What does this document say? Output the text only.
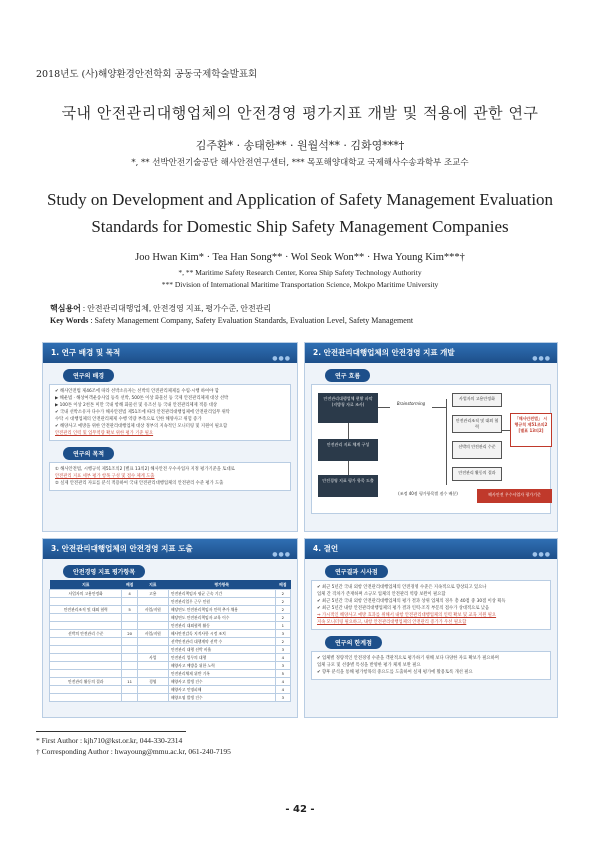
2018년도 (사)해양환경안전학회 공동국제학술발표회
국내 안전관리대행업체의 안전경영 평가지표 개발 및 적용에 관한 연구
김주환* · 송태한** · 원월석** · 김화영***†
*, ** 선박안전기술공단 해사안전연구센터, *** 목포해양대학교 국제해사수송과학부 조교수
Study on Development and Application of Safety Management Evaluation
Standards for Domestic Ship Safety Management Companies
Joo Hwan Kim* · Tea Han Song** · Wol Seok Won** · Hwa Young Kim***†
*, ** Maritime Safety Research Center, Korea Ship Safety Technology Authority
*** Division of International Maritime Transportation Science, Mokpo Maritime University
핵심용어 : 안전관리대행업체, 안전경영 지표, 평가수준, 안전관리
Key Words : Safety Management Company, Safety Evaluation Standards, Evaluation Level, Safety Management
1. 연구 배경 및 목적
●●●
연구의 배경
✔ 해사안전법 제46조에 따라 선박소유자는 선박의 안전관리체제를 수립·시행 하여야 함
▶ 해운법 · 해상여객운송사업 등록 선박, 500톤 이상 화물선 등 국제 안전관리체제 대상 선박
▶ 100톤 이상 2천톤 미만 국내 항해 화물선 및 유조선 등 국내 안전관리체제 적용 대상
✔ 국내 선박소유자 다수가 해사안전법 제51조에 따라 안전관리대행업체에 안전관리업무 위탁
수탁 시 대행업체의 안전관리체제 수행 역량 부족으로 인한 해양사고 위험 증가
✔ 해양사고 예방을 위한 안전관리대행업체 대상 정부의 지속적인 모니터링 및 지원이 필요함
안전관리 인력 및 업무역량 확보 위한 평가 기준 필요
연구의 목적
① 해사안전법, 시행규칙 제51조의2 [별표 13의2] 해사안전 우수사업자 지정 평가기준을 토대로
안전관리 지표 세부 평가 항목 구성 및 점수 체계 도출
② 실제 안전관리 자료를 분석 적용하여 국내 안전관리대행업체의 안전관리 수준 평가 도출
2. 안전관리대행업체의 안전경영 지표 개발
●●●
연구 흐름
안전관리대행업체 현황 파악
(지방청 자료 조사)
안전관리 지표 체계 구성
안전경영 지표 평가 항목 도출
Brainstorming
사업자의 고용안정화
안전관리조직 및 대외 협력
선박의 안전관리 수준
안전관리 활동의 결과
「해사안전법」 시행규칙 제51조의2 [별표 13의2]
해사안전 우수사업자 평가기준
(조정 40점 평가항목별 점수 배분)
3. 안전관리대행업체의 안전경영 지표 도출
●●●
안전경영 지표 평가항목
지표	배점	지표	평가항목	배점
사업자의 고용안정화	4	고용	안전관리책임자 평균 근속 기간	2
			안전관리업무 근무 인원	2
안전관리조직 및 대외 협력	5	사업/지원	해당연도 안전관리책임자 인력 추가 채용	2
			해당연도 안전관리책임자 교육 이수	2
			안전관리 대외협력 활동	1
선박의 안전관리 수준	20	사업/지원	해사안전감독 지적사항 시정 조치	3
			선박안전관리 대행계약 선박 수	2
			안전관리 대행 선박 비율	3
		사업	안전관리 업무의 대행	4
			해양사고 예방을 위한 노력	3
			안전관리체제 위반 기록	5
안전관리 활동의 결과	11	경영	해양사고 발생 건수	4
			해양사고 인명피해	4
			해양오염 발생 건수	3
4. 결언
●●●
연구결과 시사점
✔ 최근 5년간 국내 외항 안전관리대행업체의 안전경영 수준은 지속적으로 향상되고 있으나
업체 간 격차가 존재하며 소규모 업체의 안전관리 역량 보완이 필요함
✔ 최근 5년간 국내 외항 안전관리대행업체의 평가 결과 상위 업체의 경우 총 40점 중 30점 이상 획득
✔ 최근 5년간 내항 안전관리대행업체의 평가 결과 인력·조직 부문의 점수가 상대적으로 낮음
⇒ 가시적인 해양사고 예방 효과를 위해서 내항 안전관리대행업체의 인력 확보 및 교육 지원 필요
지속 모니터링 필요하고, 내항 안전관리대행업체의 안전관리 증가가 우선 필요함
연구의 한계점
✔ 업체별 정량적인 안전경영 수준을 객관적으로 평가하기 위해 보다 다양한 자료 확보가 필요하며
업체 규모 및 선종별 특성을 반영한 평가 체계 보완 필요
✔ 향후 분석을 통해 평가항목의 중요도를 도출하여 실제 평가에 활용토록 개선 필요
* First Author : kjh710@kst.or.kr, 044-330-2314
† Corresponding Author : hwayoung@mmu.ac.kr, 061-240-7195
- 42 -
